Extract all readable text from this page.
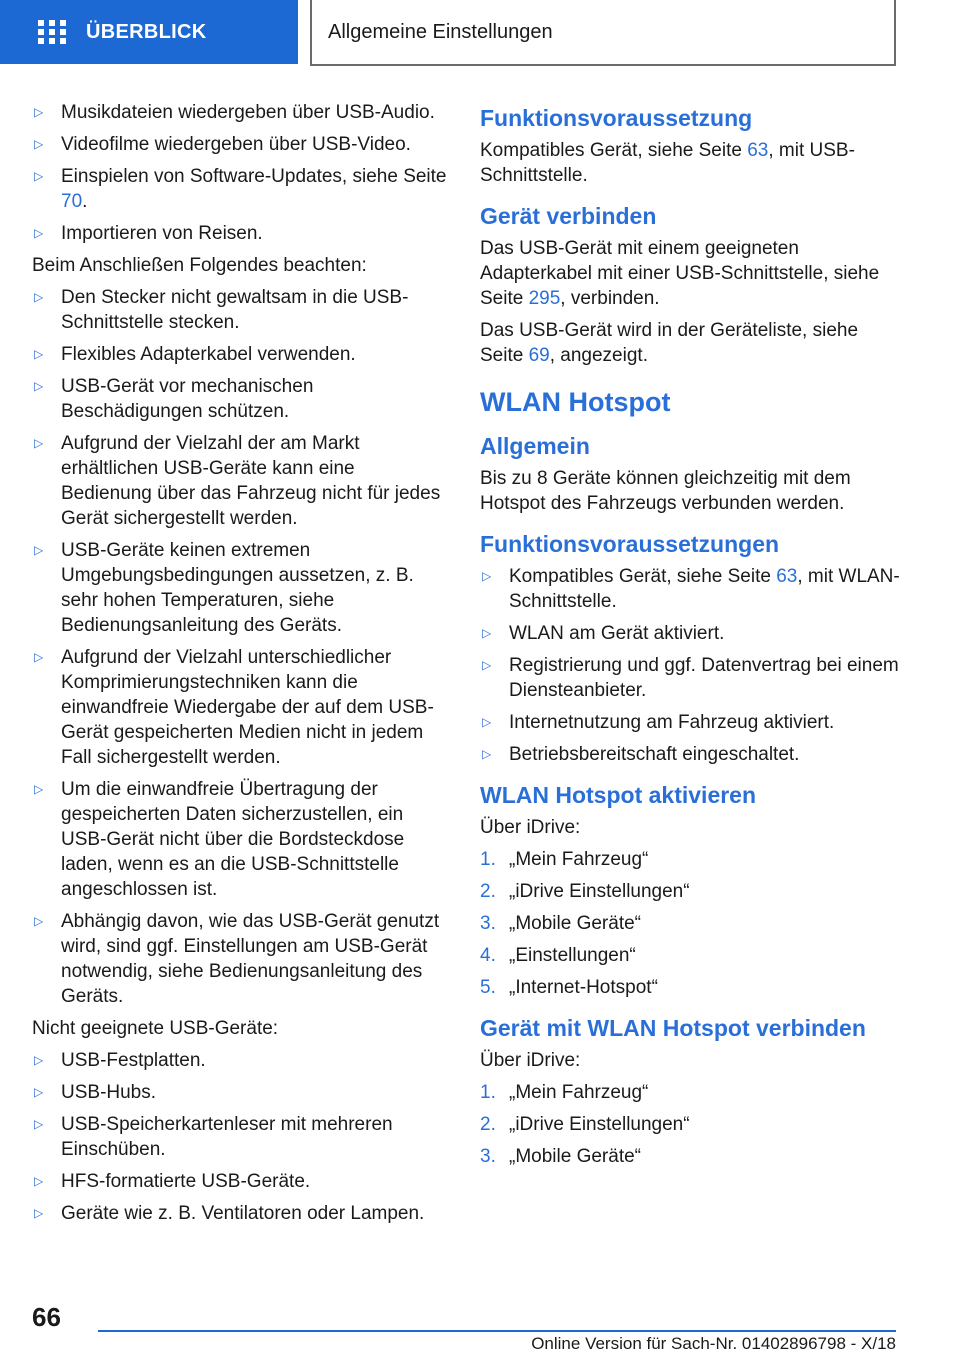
ÜBERBLICK	Allgemeine Einstellungen
▷ Musikdateien wiedergeben über USB-Audio.
▷ Videofilme wiedergeben über USB-Video.
▷ Einspielen von Software-Updates, siehe Seite 70.
▷ Importieren von Reisen.

Beim Anschließen Folgendes beachten:

▷ Den Stecker nicht gewaltsam in die USB-Schnittstelle stecken.
▷ Flexibles Adapterkabel verwenden.
▷ USB-Gerät vor mechanischen Beschädigungen schützen.
▷ Aufgrund der Vielzahl der am Markt erhältlichen USB-Geräte kann eine Bedienung über das Fahrzeug nicht für jedes Gerät sichergestellt werden.
▷ USB-Geräte keinen extremen Umgebungsbedingungen aussetzen, z. B. sehr hohen Temperaturen, siehe Bedienungsanleitung des Geräts.
▷ Aufgrund der Vielzahl unterschiedlicher Komprimierungstechniken kann die einwandfreie Wiedergabe der auf dem USB-Gerät gespeicherten Medien nicht in jedem Fall sichergestellt werden.
▷ Um die einwandfreie Übertragung der gespeicherten Daten sicherzustellen, ein USB-Gerät nicht über die Bordsteckdose laden, wenn es an die USB-Schnittstelle angeschlossen ist.
▷ Abhängig davon, wie das USB-Gerät genutzt wird, sind ggf. Einstellungen am USB-Gerät notwendig, siehe Bedienungsanleitung des Geräts.

Nicht geeignete USB-Geräte:

▷ USB-Festplatten.
▷ USB-Hubs.
▷ USB-Speicherkartenleser mit mehreren Einschüben.
▷ HFS-formatierte USB-Geräte.
▷ Geräte wie z. B. Ventilatoren oder Lampen.
Funktionsvoraussetzung

Kompatibles Gerät, siehe Seite 63, mit USB-Schnittstelle.

Gerät verbinden

Das USB-Gerät mit einem geeigneten Adapterkabel mit einer USB-Schnittstelle, siehe Seite 295, verbinden.

Das USB-Gerät wird in der Geräteliste, siehe Seite 69, angezeigt.

WLAN Hotspot
Allgemein

Bis zu 8 Geräte können gleichzeitig mit dem Hotspot des Fahrzeugs verbunden werden.

Funktionsvoraussetzungen
▷ Kompatibles Gerät, siehe Seite 63, mit WLAN-Schnittstelle.
▷ WLAN am Gerät aktiviert.
▷ Registrierung und ggf. Datenvertrag bei einem Diensteanbieter.
▷ Internetnutzung am Fahrzeug aktiviert.
▷ Betriebsbereitschaft eingeschaltet.
WLAN Hotspot aktivieren

Über iDrive:

1. „Mein Fahrzeug“
2. „iDrive Einstellungen“
3. „Mobile Geräte“
4. „Einstellungen“
5. „Internet-Hotspot“
Gerät mit WLAN Hotspot verbinden

Über iDrive:

1. „Mein Fahrzeug“
2. „iDrive Einstellungen“
3. „Mobile Geräte“
66
Online Version für Sach-Nr. 01402896798 - X/18
